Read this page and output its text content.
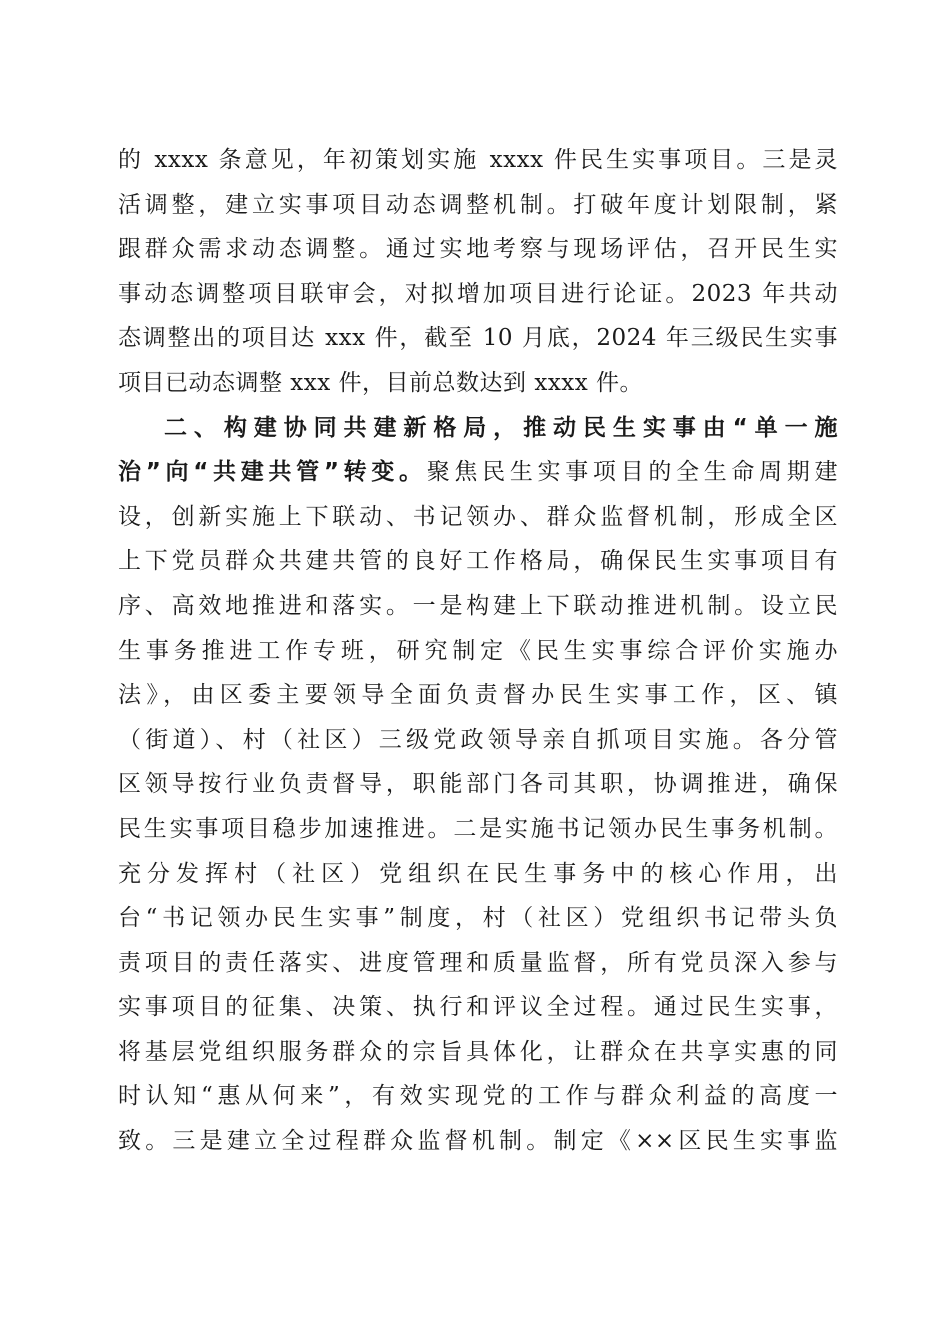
的 xxxx 条意见，年初策划实施 xxxx 件民生实事项目。三是灵
活调整，建立实事项目动态调整机制。打破年度计划限制，紧
跟群众需求动态调整。通过实地考察与现场评估，召开民生实
事动态调整项目联审会，对拟增加项目进行论证。2023 年共动
态调整出的项目达 xxx 件，截至 10 月底，2024 年三级民生实事
项目已动态调整 xxx 件，目前总数达到 xxxx 件。
二、构建协同共建新格局，推动民生实事由“单一施
治”向“共建共管”转变。聚焦民生实事项目的全生命周期建
设，创新实施上下联动、书记领办、群众监督机制，形成全区
上下党员群众共建共管的良好工作格局，确保民生实事项目有
序、高效地推进和落实。一是构建上下联动推进机制。设立民
生事务推进工作专班，研究制定《民生实事综合评价实施办
法》，由区委主要领导全面负责督办民生实事工作，区、镇
（街道）、村（社区）三级党政领导亲自抓项目实施。各分管
区领导按行业负责督导，职能部门各司其职，协调推进，确保
民生实事项目稳步加速推进。二是实施书记领办民生事务机制。
充分发挥村（社区）党组织在民生事务中的核心作用，出
台“书记领办民生实事”制度，村（社区）党组织书记带头负
责项目的责任落实、进度管理和质量监督，所有党员深入参与
实事项目的征集、决策、执行和评议全过程。通过民生实事，
将基层党组织服务群众的宗旨具体化，让群众在共享实惠的同
时认知“惠从何来”，有效实现党的工作与群众利益的高度一
致。三是建立全过程群众监督机制。制定《××区民生实事监
